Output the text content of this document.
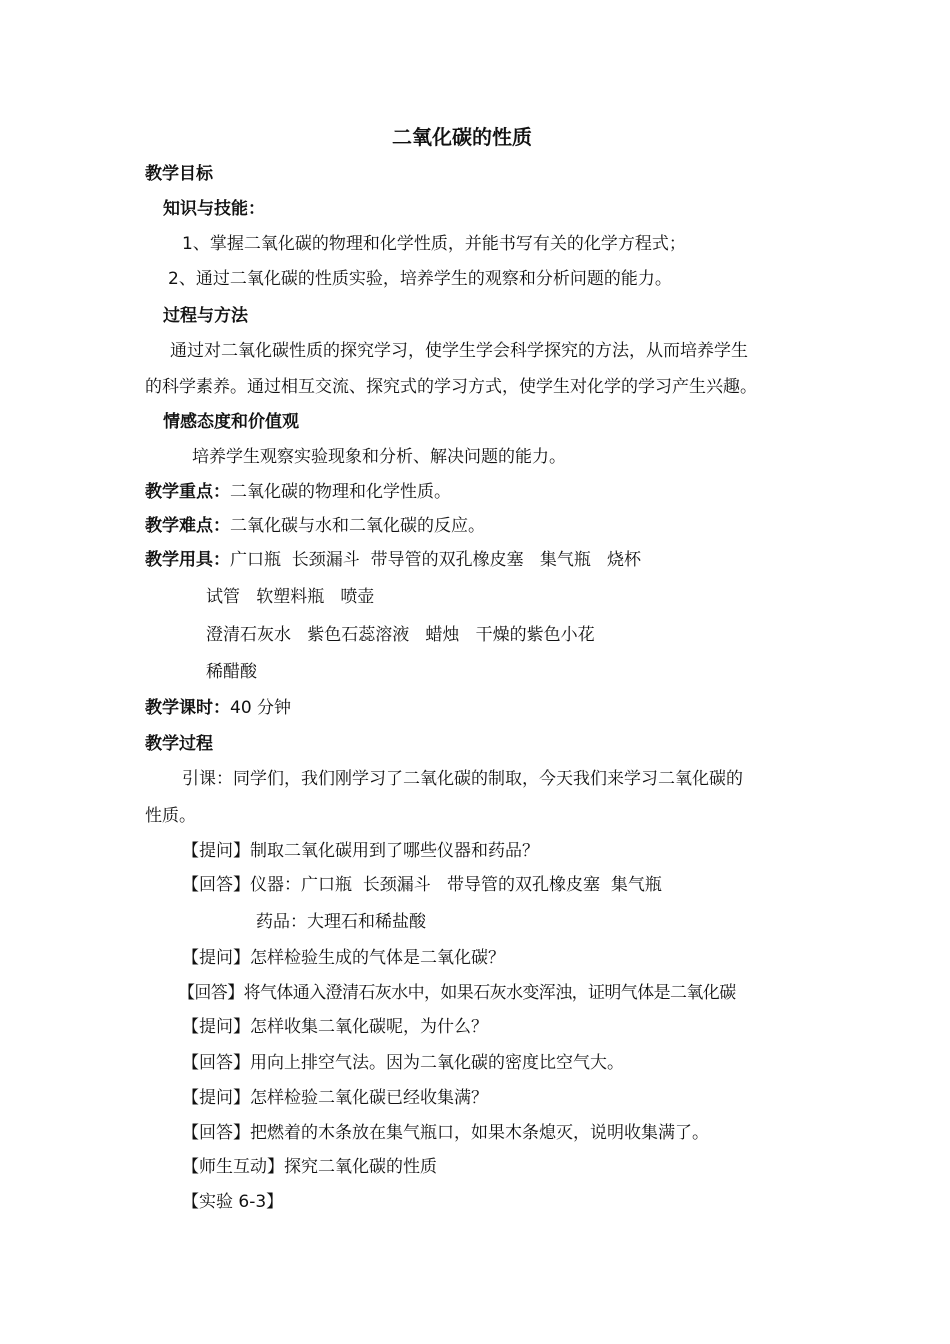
二氧化碳的性质
教学目标
知识与技能：
1、掌握二氧化碳的物理和化学性质，并能书写有关的化学方程式；
2、通过二氧化碳的性质实验，培养学生的观察和分析问题的能力。
过程与方法
通过对二氧化碳性质的探究学习，使学生学会科学探究的方法，从而培养学生
的科学素养。通过相互交流、探究式的学习方式，使学生对化学的学习产生兴趣。
情感态度和价值观
培养学生观察实验现象和分析、解决问题的能力。
教学重点：二氧化碳的物理和化学性质。
教学难点：二氧化碳与水和二氧化碳的反应。
教学用具：广口瓶  长颈漏斗  带导管的双孔橡皮塞   集气瓶   烧杯
试管   软塑料瓶   喷壶
澄清石灰水   紫色石蕊溶液   蜡烛   干燥的紫色小花
稀醋酸
教学课时：40 分钟
教学过程
引课：同学们，我们刚学习了二氧化碳的制取，今天我们来学习二氧化碳的
性质。
【提问】制取二氧化碳用到了哪些仪器和药品？
【回答】仪器：广口瓶  长颈漏斗   带导管的双孔橡皮塞  集气瓶
药品：大理石和稀盐酸
【提问】怎样检验生成的气体是二氧化碳？
【回答】将气体通入澄清石灰水中，如果石灰水变浑浊，证明气体是二氧化碳
【提问】怎样收集二氧化碳呢，为什么？
【回答】用向上排空气法。因为二氧化碳的密度比空气大。
【提问】怎样检验二氧化碳已经收集满？
【回答】把燃着的木条放在集气瓶口，如果木条熄灭，说明收集满了。
【师生互动】探究二氧化碳的性质
【实验 6-3】
